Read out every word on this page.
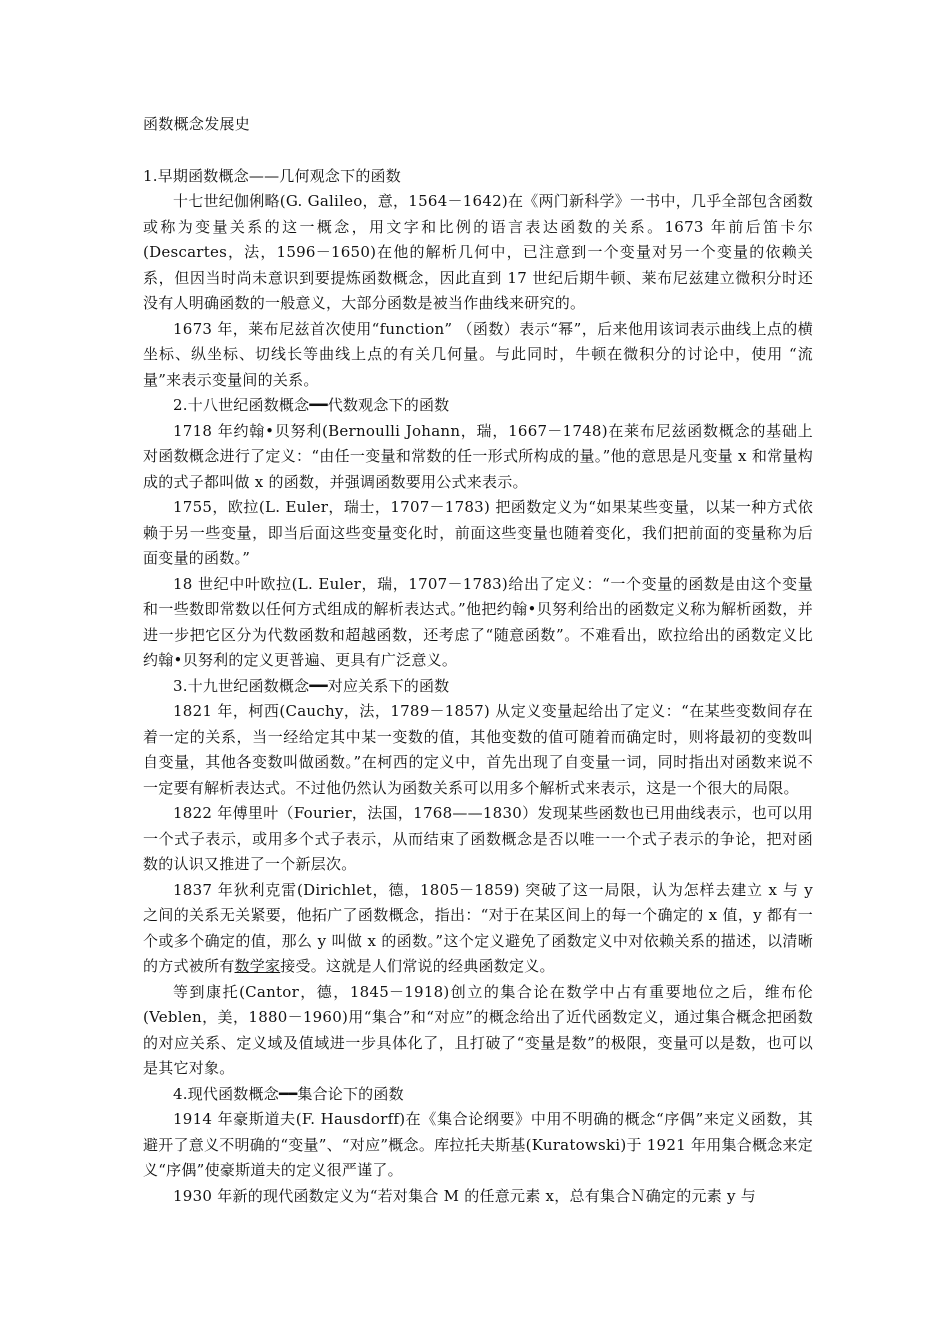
函数概念发展史
1.早期函数概念——几何观念下的函数

十七世纪伽俐略(G. Galileo，意，1564－1642)在《两门新科学》一书中，几乎全部包含函数或称为变量关系的这一概念，用文字和比例的语言表达函数的关系。1673 年前后笛卡尔(Descartes，法，1596－1650)在他的解析几何中，已注意到一个变量对另一个变量的依赖关系，但因当时尚未意识到要提炼函数概念，因此直到 17 世纪后期牛顿、莱布尼兹建立微积分时还没有人明确函数的一般意义，大部分函数是被当作曲线来研究的。

1673 年，莱布尼兹首次使用“function” （函数）表示“幂”，后来他用该词表示曲线上点的横坐标、纵坐标、切线长等曲线上点的有关几何量。与此同时，牛顿在微积分的讨论中，使用 “流量”来表示变量间的关系。

2.十八世纪函数概念━━代数观念下的函数

1718 年约翰•贝努利(Bernoulli Johann，瑞，1667－1748)在莱布尼兹函数概念的基础上对函数概念进行了定义：“由任一变量和常数的任一形式所构成的量。”他的意思是凡变量 x 和常量构成的式子都叫做 x 的函数，并强调函数要用公式来表示。

1755，欧拉(L. Euler，瑞士，1707－1783) 把函数定义为“如果某些变量，以某一种方式依赖于另一些变量，即当后面这些变量变化时，前面这些变量也随着变化，我们把前面的变量称为后面变量的函数。”

18 世纪中叶欧拉(L. Euler，瑞，1707－1783)给出了定义：“一个变量的函数是由这个变量和一些数即常数以任何方式组成的解析表达式。”他把约翰•贝努利给出的函数定义称为解析函数，并进一步把它区分为代数函数和超越函数，还考虑了“随意函数”。不难看出，欧拉给出的函数定义比约翰•贝努利的定义更普遍、更具有广泛意义。

3.十九世纪函数概念━━对应关系下的函数

1821 年，柯西(Cauchy，法，1789－1857) 从定义变量起给出了定义：“在某些变数间存在着一定的关系，当一经给定其中某一变数的值，其他变数的值可随着而确定时，则将最初的变数叫自变量，其他各变数叫做函数。”在柯西的定义中，首先出现了自变量一词，同时指出对函数来说不一定要有解析表达式。不过他仍然认为函数关系可以用多个解析式来表示，这是一个很大的局限。

1822 年傅里叶（Fourier，法国，1768——1830）发现某些函数也已用曲线表示，也可以用一个式子表示，或用多个式子表示，从而结束了函数概念是否以唯一一个式子表示的争论，把对函数的认识又推进了一个新层次。

1837 年狄利克雷(Dirichlet，德，1805－1859) 突破了这一局限，认为怎样去建立 x 与 y 之间的关系无关紧要，他拓广了函数概念，指出：“对于在某区间上的每一个确定的 x 值，y 都有一个或多个确定的值，那么 y 叫做 x 的函数。”这个定义避免了函数定义中对依赖关系的描述，以清晰的方式被所有数学家接受。这就是人们常说的经典函数定义。

等到康托(Cantor，德，1845－1918)创立的集合论在数学中占有重要地位之后，维布伦(Veblen，美，1880－1960)用“集合”和“对应”的概念给出了近代函数定义，通过集合概念把函数的对应关系、定义域及值域进一步具体化了，且打破了“变量是数”的极限，变量可以是数，也可以是其它对象。

4.现代函数概念━━集合论下的函数

1914 年豪斯道夫(F. Hausdorff)在《集合论纲要》中用不明确的概念“序偶”来定义函数，其避开了意义不明确的“变量”、“对应”概念。库拉托夫斯基(Kuratowski)于 1921 年用集合概念来定义“序偶”使豪斯道夫的定义很严谨了。

1930 年新的现代函数定义为“若对集合 M 的任意元素 x，总有集合Ｎ确定的元素 y 与
